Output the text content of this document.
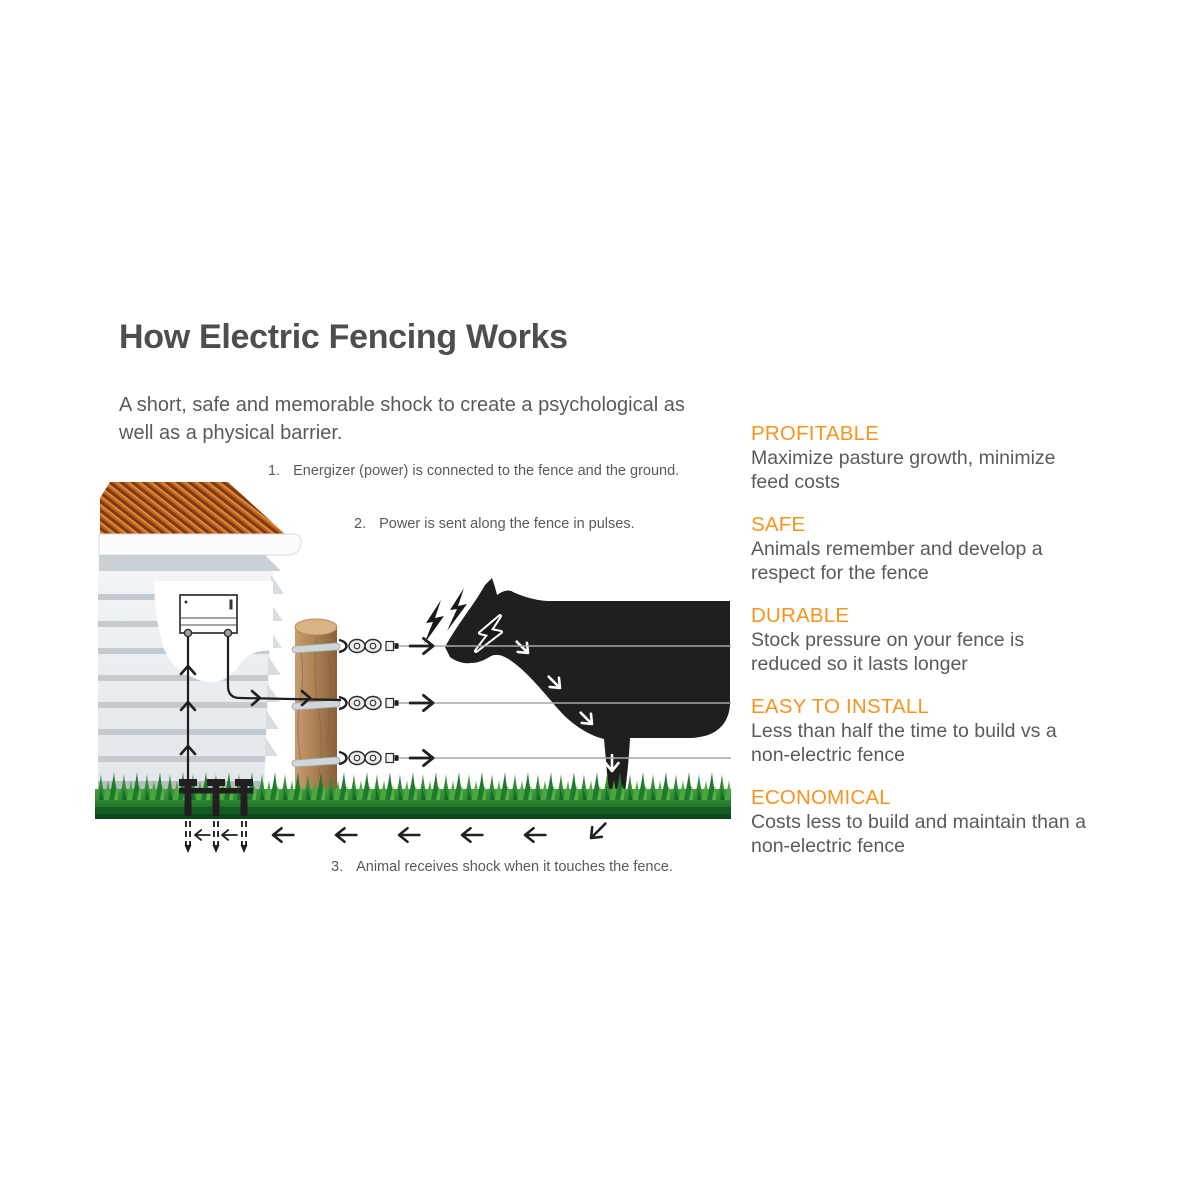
How Electric Fencing Works
A short, safe and memorable shock to create a psychological as well as a physical barrier.
1. Energizer (power) is connected to the fence and the ground.
2. Power is sent along the fence in pulses.
3. Animal receives shock when it touches the fence.
PROFITABLE
Maximize pasture growth, minimize feed costs
SAFE
Animals remember and develop a respect for the fence
DURABLE
Stock pressure on your fence is reduced so it lasts longer
EASY TO INSTALL
Less than half the time to build vs a non-electric fence
ECONOMICAL
Costs less to build and maintain than a non-electric fence
